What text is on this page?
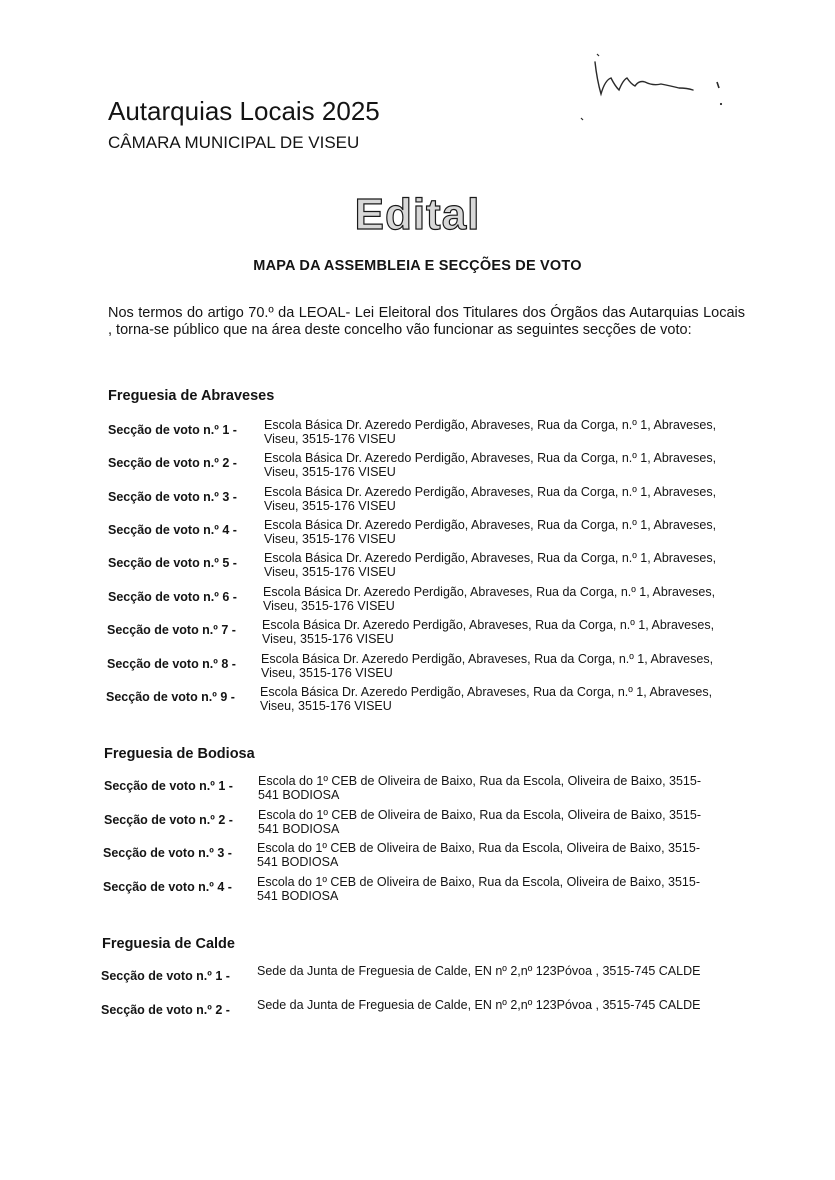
Autarquias Locais 2025
CÂMARA MUNICIPAL DE VISEU
Edital
MAPA DA ASSEMBLEIA E SECÇÕES DE VOTO

Nos termos do artigo 70.º da LEOAL- Lei Eleitoral dos Titulares dos Órgãos das Autarquias Locais , torna-se público que na área deste concelho vão funcionar as seguintes secções de voto:

Freguesia de Abraveses
Secção de voto n.º 1 - Escola Básica Dr. Azeredo Perdigão, Abraveses, Rua da Corga, n.º 1, Abraveses, Viseu, 3515-176 VISEU
Secção de voto n.º 2 - Escola Básica Dr. Azeredo Perdigão, Abraveses, Rua da Corga, n.º 1, Abraveses, Viseu, 3515-176 VISEU
Secção de voto n.º 3 - Escola Básica Dr. Azeredo Perdigão, Abraveses, Rua da Corga, n.º 1, Abraveses, Viseu, 3515-176 VISEU
Secção de voto n.º 4 - Escola Básica Dr. Azeredo Perdigão, Abraveses, Rua da Corga, n.º 1, Abraveses, Viseu, 3515-176 VISEU
Secção de voto n.º 5 - Escola Básica Dr. Azeredo Perdigão, Abraveses, Rua da Corga, n.º 1, Abraveses, Viseu, 3515-176 VISEU
Secção de voto n.º 6 - Escola Básica Dr. Azeredo Perdigão, Abraveses, Rua da Corga, n.º 1, Abraveses, Viseu, 3515-176 VISEU
Secção de voto n.º 7 - Escola Básica Dr. Azeredo Perdigão, Abraveses, Rua da Corga, n.º 1, Abraveses, Viseu, 3515-176 VISEU
Secção de voto n.º 8 - Escola Básica Dr. Azeredo Perdigão, Abraveses, Rua da Corga, n.º 1, Abraveses, Viseu, 3515-176 VISEU
Secção de voto n.º 9 - Escola Básica Dr. Azeredo Perdigão, Abraveses, Rua da Corga, n.º 1, Abraveses, Viseu, 3515-176 VISEU
Freguesia de Bodiosa
Secção de voto n.º 1 - Escola do 1º CEB de Oliveira de Baixo, Rua da Escola, Oliveira de Baixo, 3515-541 BODIOSA
Secção de voto n.º 2 - Escola do 1º CEB de Oliveira de Baixo, Rua da Escola, Oliveira de Baixo, 3515-541 BODIOSA
Secção de voto n.º 3 - Escola do 1º CEB de Oliveira de Baixo, Rua da Escola, Oliveira de Baixo, 3515-541 BODIOSA
Secção de voto n.º 4 - Escola do 1º CEB de Oliveira de Baixo, Rua da Escola, Oliveira de Baixo, 3515-541 BODIOSA
Freguesia de Calde
Secção de voto n.º 1 - Sede da Junta de Freguesia de Calde, EN nº 2,nº 123Póvoa , 3515-745 CALDE
Secção de voto n.º 2 - Sede da Junta de Freguesia de Calde, EN nº 2,nº 123Póvoa , 3515-745 CALDE
